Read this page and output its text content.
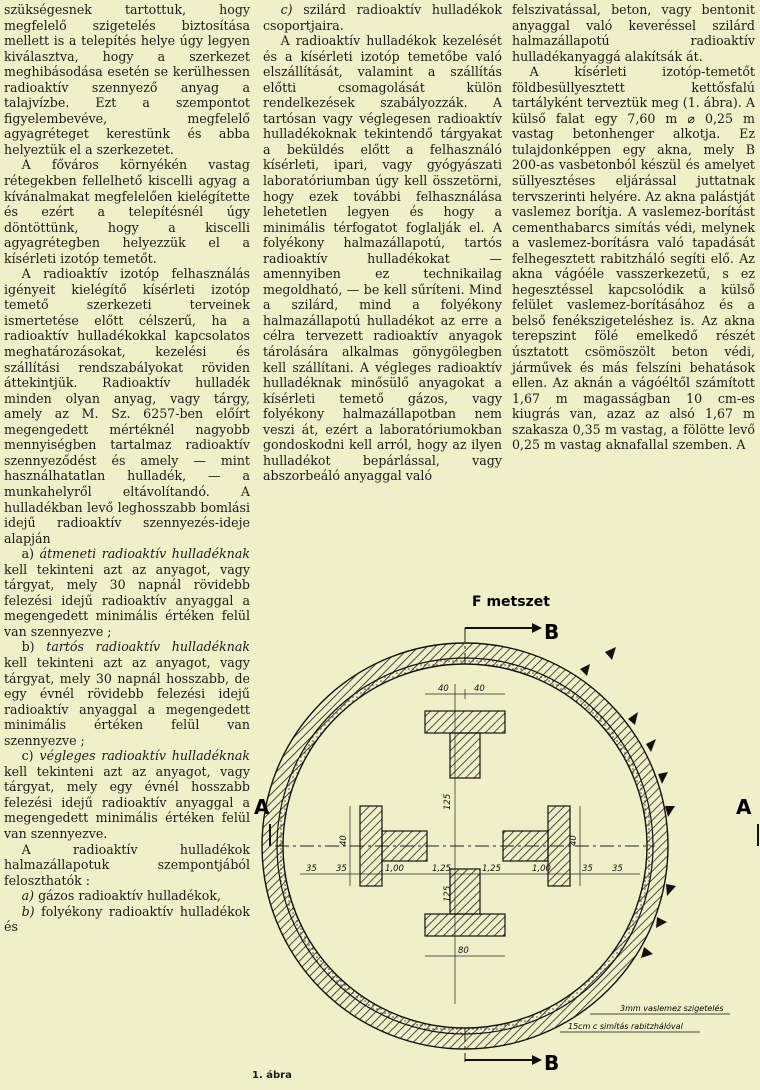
szükségesnek tartottuk, hogy megfelelő szigetelés biztosítása mellett is a telepítés helye úgy legyen kiválasztva, hogy a szerkezet meghibásodása esetén se kerülhessen radioaktív szennyező anyag a talajvízbe. Ezt a szempontot figyelembevéve, megfelelő agyagréteget kerestünk és abba helyeztük el a szerkezetet.

A főváros környékén vastag rétegekben fellelhető kiscelli agyag a kívánalmakat megfelelően kielégítette és ezért a telepítésnél úgy döntöttünk, hogy a kiscelli agyagrétegben helyezzük el a kísérleti izotóp temetőt.

A radioaktív izotóp felhasználás igényeit kielégítő kísérleti izotóp temető szerkezeti terveinek ismertetése előtt célszerű, ha a radioaktív hulladékokkal kapcsolatos meghatározásokat, kezelési és szállítási rendszabályokat röviden áttekintjük. Radioaktív hulladék minden olyan anyag, vagy tárgy, amely az M. Sz. 6257-ben előírt megengedett mértéknél nagyobb mennyiségben tartalmaz radioaktív szennyeződést és amely — mint használhatatlan hulladék, — a munkahelyről eltávolítandó. A hulladékban levő leghosszabb bomlási idejű radioaktív szennyezés-ideje alapján

a) átmeneti radioaktív hulladéknak kell tekinteni azt az anyagot, vagy tárgyat, mely 30 napnál rövidebb felezési idejű radioaktív anyaggal a megengedett minimális értéken felül van szennyezve ;

b) tartós radioaktív hulladéknak kell tekinteni azt az anyagot, vagy tárgyat, mely 30 napnál hosszabb, de egy évnél rövidebb felezési idejű radioaktív anyaggal a megengedett minimális értéken felül van szennyezve ;

c) végleges radioaktív hulladéknak kell tekinteni azt az anyagot, vagy tárgyat, mely egy évnél hosszabb felezési idejű radioaktív anyaggal a megengedett minimális értéken felül van szennyezve.

A radioaktív hulladékok halmazállapotuk szempontjából feloszthatók :

a) gázos radioaktív hulladékok,

b) folyékony radioaktív hulladékok és

c) szilárd radioaktív hulladékok csoportjaira.

A radioaktív hulladékok kezelését és a kísérleti izotóp temetőbe való elszállítását, valamint a szállítás előtti csomagolását külön rendelkezések szabályozzák. A tartósan vagy véglegesen radioaktív hulladékoknak tekintendő tárgyakat a beküldés előtt a felhasználó kísérleti, ipari, vagy gyógyászati laboratóriumban úgy kell összetörni, hogy ezek további felhasználása lehetetlen legyen és hogy a minimális térfogatot foglalják el. A folyékony halmazállapotú, tartós radioaktív hulladékokat — amennyiben ez technikailag megoldható, — be kell sűríteni. Mind a szilárd, mind a folyékony halmazállapotú hulladékot az erre a célra tervezett radioaktív anyagok tárolására alkalmas gönygölegben kell szállítani. A végleges radioaktív hulladéknak minősülő anyagokat a kísérleti temető gázos, vagy folyékony halmazállapotban nem veszi át, ezért a laboratóriumokban gondoskodni kell arról, hogy az ilyen hulladékot bepárlással, vagy abszorbeáló anyaggal való

felszivatással, beton, vagy bentonit anyaggal való keveréssel szilárd halmazállapotú radioaktív hulladékanyaggá alakítsák át.

A kísérleti izotóp-temetőt földbesüllyesztett kettősfalú tartályként terveztük meg (1. ábra). A külső falat egy 7,60 m ⌀ 0,25 m vastag betonhenger alkotja. Ez tulajdonképpen egy akna, mely B 200-as vasbetonból készül és amelyet süllyesztéses eljárással juttatnak tervszerinti helyére. Az akna palástját vaslemez borítja. A vaslemez-borítást cementhabarcs simítás védi, melynek a vaslemez-borításra való tapadását felhegesztett rabitzháló segíti elő. Az akna vágóéle vasszerkezetű, s ez hegesztéssel kapcsolódik a külső felület vaslemez-borításához és a belső fenékszigeteléshez is. Az akna terepszint fölé emelkedő részét úsztatott csömöszölt beton védi, járművek és más felszíni behatások ellen. Az aknán a vágóéltől számított 1,67 m magasságban 10 cm-es kiugrás van, azaz az alsó 1,67 m szakasza 0,35 m vastag, a fölötte levő 0,25 m vastag aknafallal szemben. A

F metszet
B
B
A	A
40	40
125
125
35 35	1,00	1,25	1,25	1,00	35 35
40	40
80
3mm vaslemez szigetelés
15cm c simítás rabitzhálóval
1. ábra
